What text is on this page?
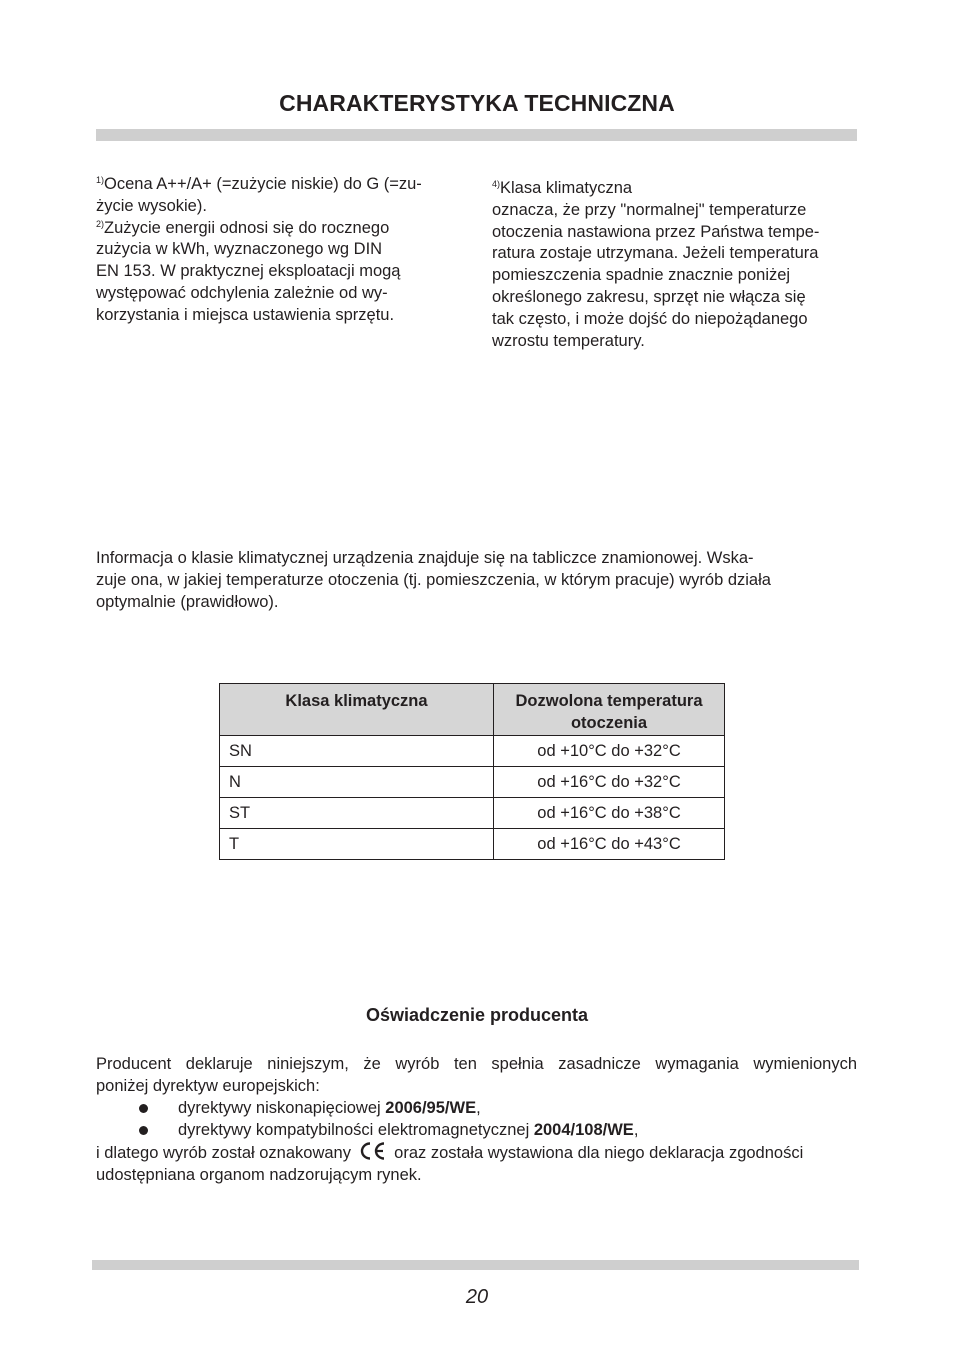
CHARAKTERYSTYKA TECHNICZNA
$^{1)}$Ocena A++/A+ (=zużycie niskie) do G (=zu-
życie wysokie).
$^{2)}$Zużycie energii odnosi się do rocznego
zużycia w kWh, wyznaczonego wg DIN
EN 153. W praktycznej eksploatacji mogą
występować odchylenia zależnie od wy-
korzystania i miejsca ustawienia sprzętu.
$^{4)}$Klasa klimatyczna
oznacza, że przy "normalnej" temperaturze
otoczenia nastawiona przez Państwa tempe-
ratura zostaje utrzymana. Jeżeli temperatura
pomieszczenia spadnie znacznie poniżej
określonego zakresu, sprzęt nie włącza się
tak często, i może dojść do niepożądanego
wzrostu temperatury.
Informacja o klasie klimatycznej urządzenia znajduje się na tabliczce znamionowej. Wska-
zuje ona, w jakiej temperaturze otoczenia (tj. pomieszczenia, w którym pracuje) wyrób działa
optymalnie (prawidłowo).
Klasa klimatyczna	Dozwolona temperatura otoczenia
SN	od +10°C do +32°C
N	od +16°C do +32°C
ST	od +16°C do +38°C
T	od +16°C do +43°C
Oświadczenie producenta
Producent deklaruje niniejszym, że wyrób ten spełnia zasadnicze wymagania wymienionych
poniżej dyrektyw europejskich:
dyrektywy niskonapięciowej 2006/95/WE,
dyrektywy kompatybilności elektromagnetycznej 2004/108/WE,
i dlatego wyrób został oznakowany	oraz została wystawiona dla niego deklaracja zgodności
udostępniana organom nadzorującym rynek.
20
